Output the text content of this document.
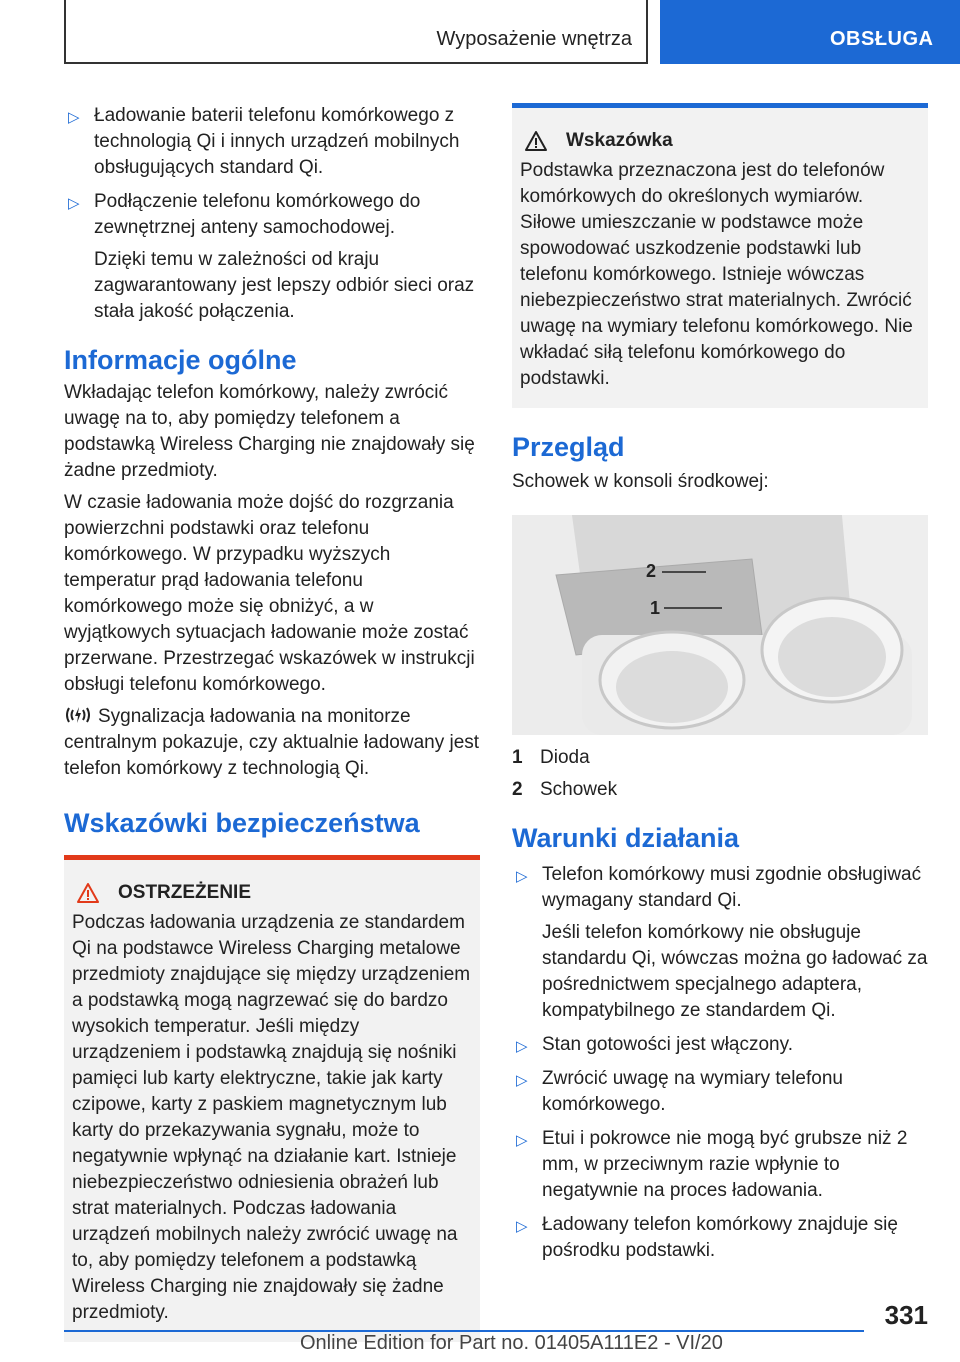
Wyposażenie wnętrza	OBSŁUGA

▷ Ładowanie baterii telefonu komórkowego z technologią Qi i innych urządzeń mobilnych obsługujących standard Qi.

▷ Podłączenie telefonu komórkowego do zewnętrznej anteny samochodowej.

Dzięki temu w zależności od kraju zagwarantowany jest lepszy odbiór sieci oraz stała jakość połączenia.

Informacje ogólne

Wkładając telefon komórkowy, należy zwrócić uwagę na to, aby pomiędzy telefonem a podstawką Wireless Charging nie znajdowały się żadne przedmioty.

W czasie ładowania może dojść do rozgrzania powierzchni podstawki oraz telefonu komórkowego. W przypadku wyższych temperatur prąd ładowania telefonu komórkowego może się obniżyć, a w wyjątkowych sytuacjach ładowanie może zostać przerwane. Przestrzegać wskazówek w instrukcji obsługi telefonu komórkowego.

Sygnalizacja ładowania na monitorze centralnym pokazuje, czy aktualnie ładowany jest telefon komórkowy z technologią Qi.

Wskazówki bezpieczeństwa
OSTRZEŻENIE

Podczas ładowania urządzenia ze standardem Qi na podstawce Wireless Charging metalowe przedmioty znajdujące się między urządzeniem a podstawką mogą nagrzewać się do bardzo wysokich temperatur. Jeśli między urządzeniem i podstawką znajdują się nośniki pamięci lub karty elektryczne, takie jak karty czipowe, karty z paskiem magnetycznym lub karty do przekazywania sygnału, może to negatywnie wpłynąć na działanie kart. Istnieje niebezpieczeństwo odniesienia obrażeń lub strat materialnych. Podczas ładowania urządzeń mobilnych należy zwrócić uwagę na to, aby pomiędzy telefonem a podstawką Wireless Charging nie znajdowały się żadne przedmioty.

Wskazówka

Podstawka przeznaczona jest do telefonów komórkowych do określonych wymiarów. Siłowe umieszczanie w podstawce może spowodować uszkodzenie podstawki lub telefonu komórkowego. Istnieje wówczas niebezpieczeństwo strat materialnych. Zwrócić uwagę na wymiary telefonu komórkowego. Nie wkładać siłą telefonu komórkowego do podstawki.

Przegląd

Schowek w konsoli środkowej:

2
1
1 Dioda
2 Schowek
Warunki działania

▷ Telefon komórkowy musi zgodnie obsługiwać wymagany standard Qi.

Jeśli telefon komórkowy nie obsługuje standardu Qi, wówczas można go ładować za pośrednictwem specjalnego adaptera, kompatybilnego ze standardem Qi.

▷ Stan gotowości jest włączony.

▷ Zwrócić uwagę na wymiary telefonu komórkowego.

▷ Etui i pokrowce nie mogą być grubsze niż 2 mm, w przeciwnym razie wpłynie to negatywnie na proces ładowania.

▷ Ładowany telefon komórkowy znajduje się pośrodku podstawki.

331
Online Edition for Part no. 01405A111E2 - VI/20
